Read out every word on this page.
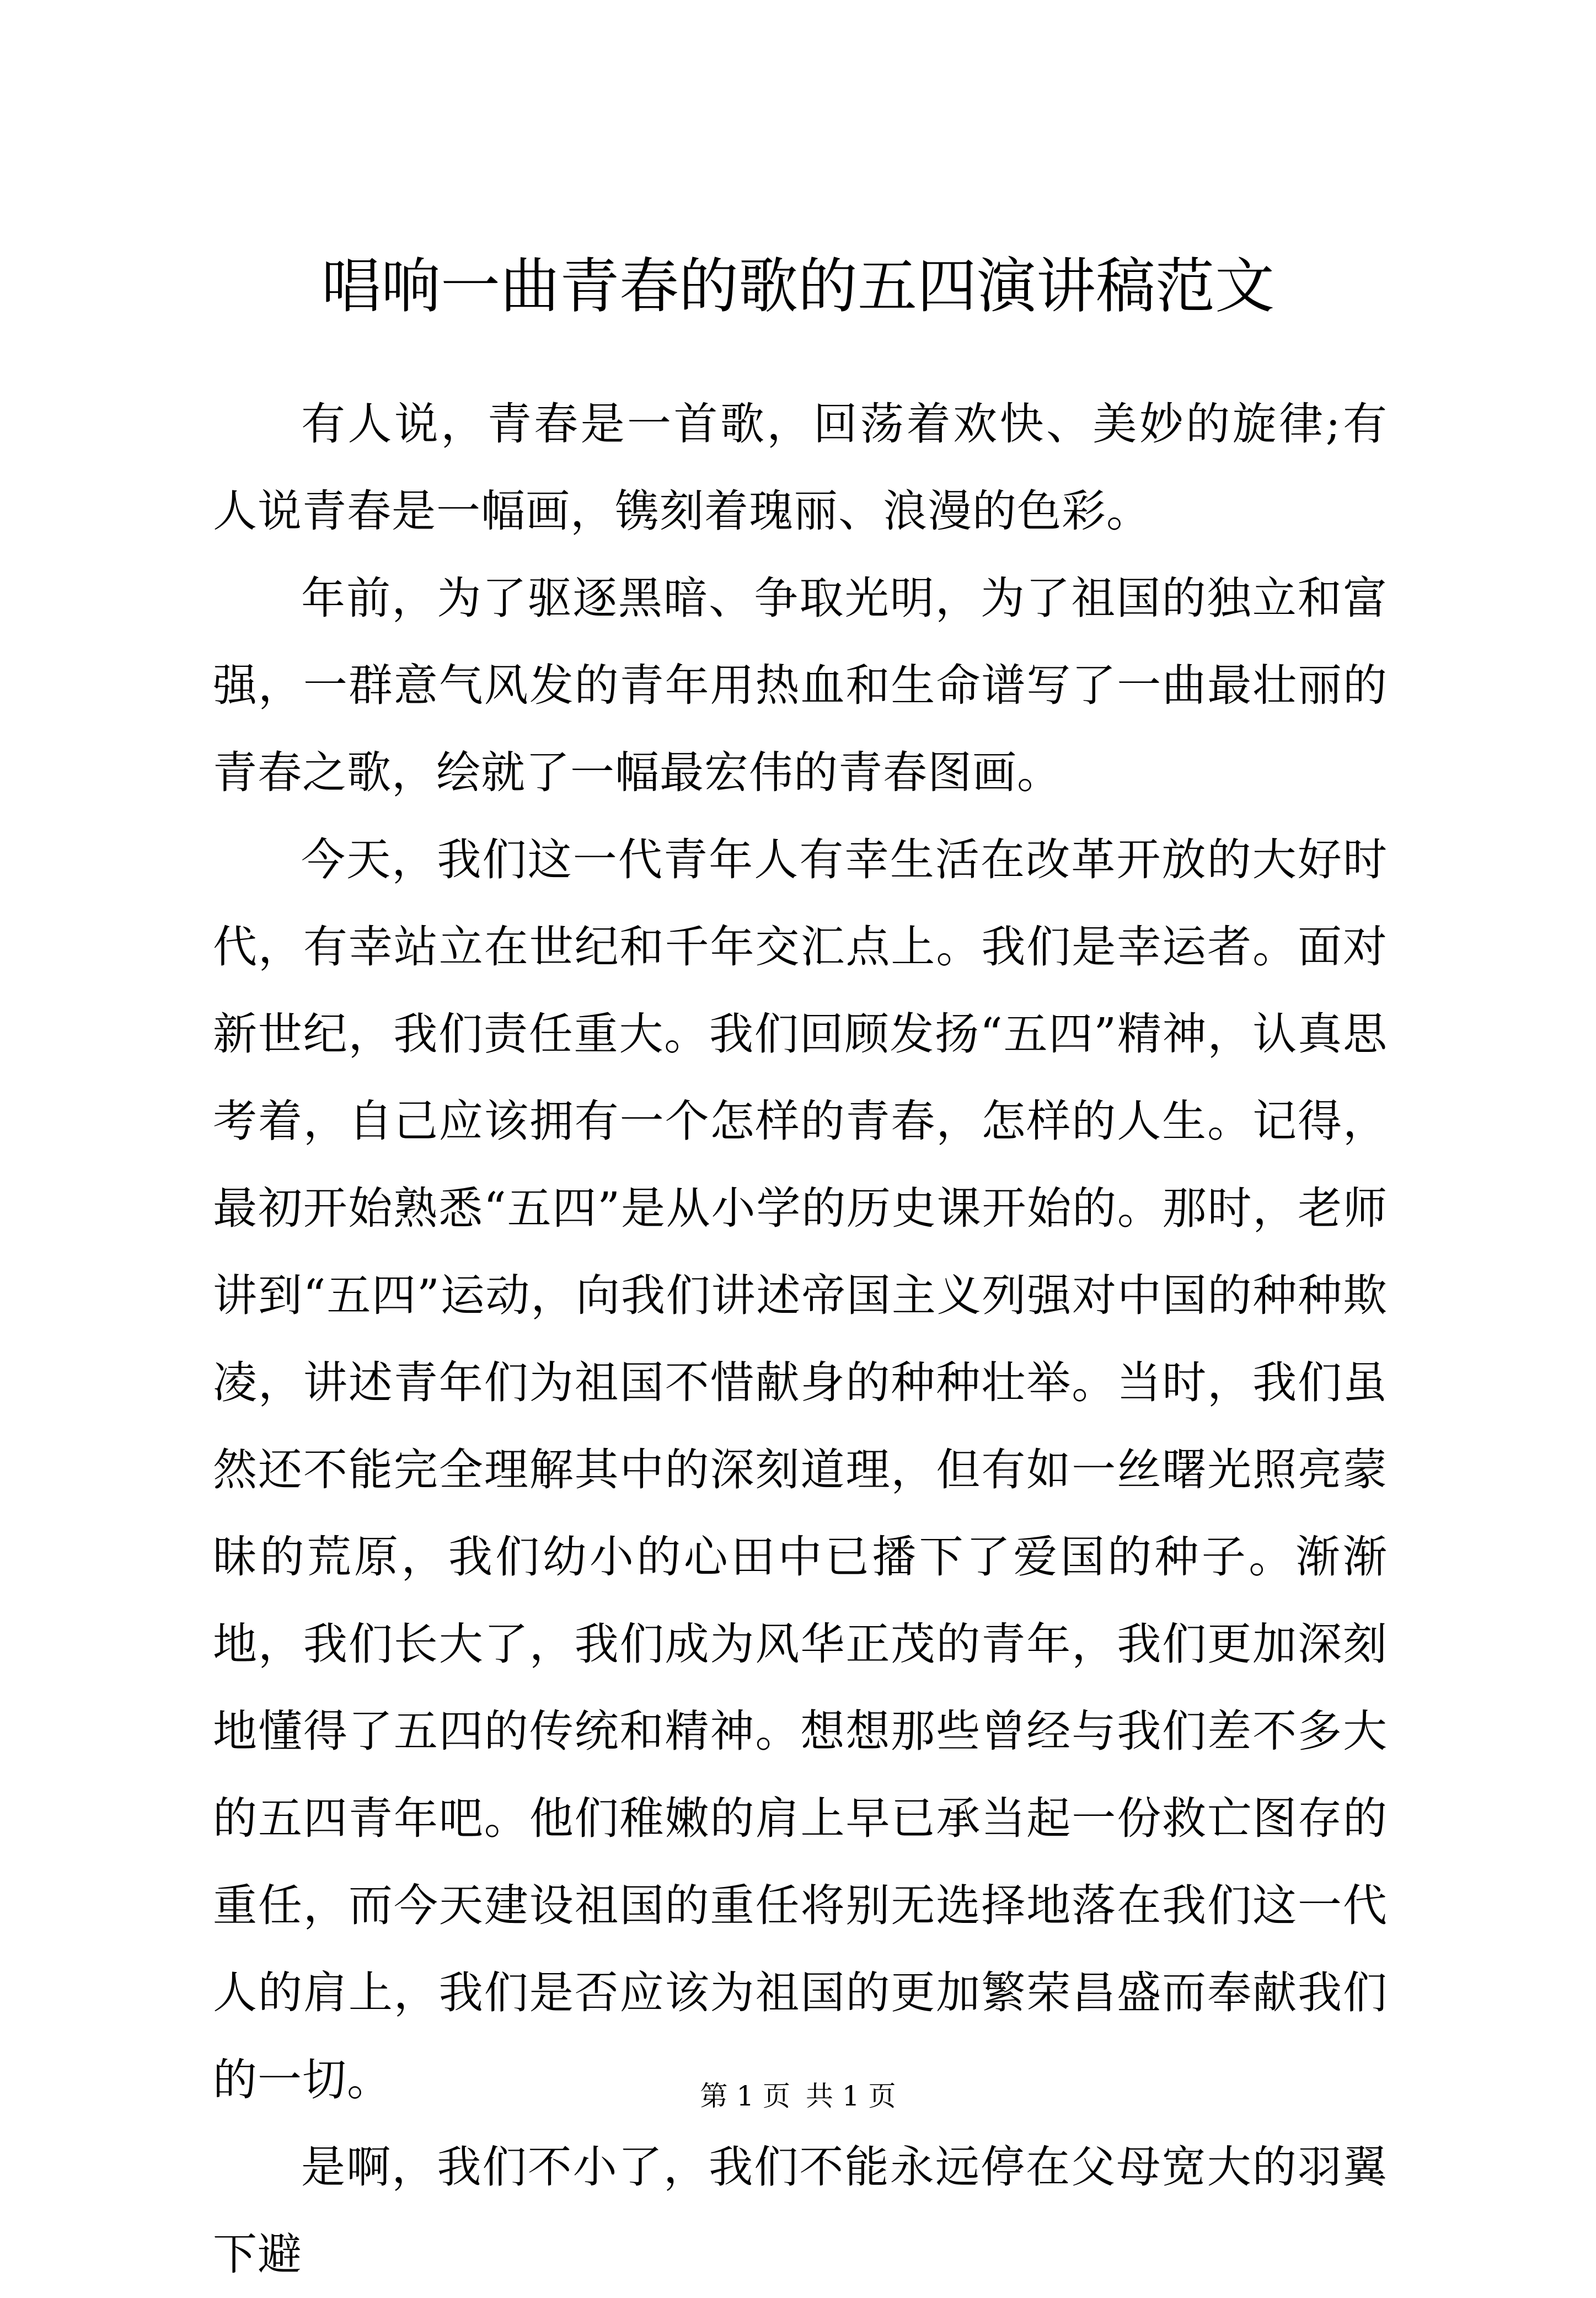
唱响一曲青春的歌的五四演讲稿范文

有人说，青春是一首歌，回荡着欢快、美妙的旋律;有人说青春是一幅画，镌刻着瑰丽、浪漫的色彩。

年前，为了驱逐黑暗、争取光明，为了祖国的独立和富强，一群意气风发的青年用热血和生命谱写了一曲最壮丽的青春之歌，绘就了一幅最宏伟的青春图画。

今天，我们这一代青年人有幸生活在改革开放的大好时代，有幸站立在世纪和千年交汇点上。我们是幸运者。面对新世纪，我们责任重大。我们回顾发扬“五四”精神，认真思考着，自己应该拥有一个怎样的青春，怎样的人生。记得，最初开始熟悉“五四”是从小学的历史课开始的。那时，老师讲到“五四”运动，向我们讲述帝国主义列强对中国的种种欺凌，讲述青年们为祖国不惜献身的种种壮举。当时，我们虽然还不能完全理解其中的深刻道理，但有如一丝曙光照亮蒙昧的荒原，我们幼小的心田中已播下了爱国的种子。渐渐地，我们长大了，我们成为风华正茂的青年，我们更加深刻地懂得了五四的传统和精神。想想那些曾经与我们差不多大的五四青年吧。他们稚嫩的肩上早已承当起一份救亡图存的重任，而今天建设祖国的重任将别无选择地落在我们这一代人的肩上，我们是否应该为祖国的更加繁荣昌盛而奉献我们的一切。

是啊，我们不小了，我们不能永远停在父母宽大的羽翼下避

第 1 页 共 1 页
